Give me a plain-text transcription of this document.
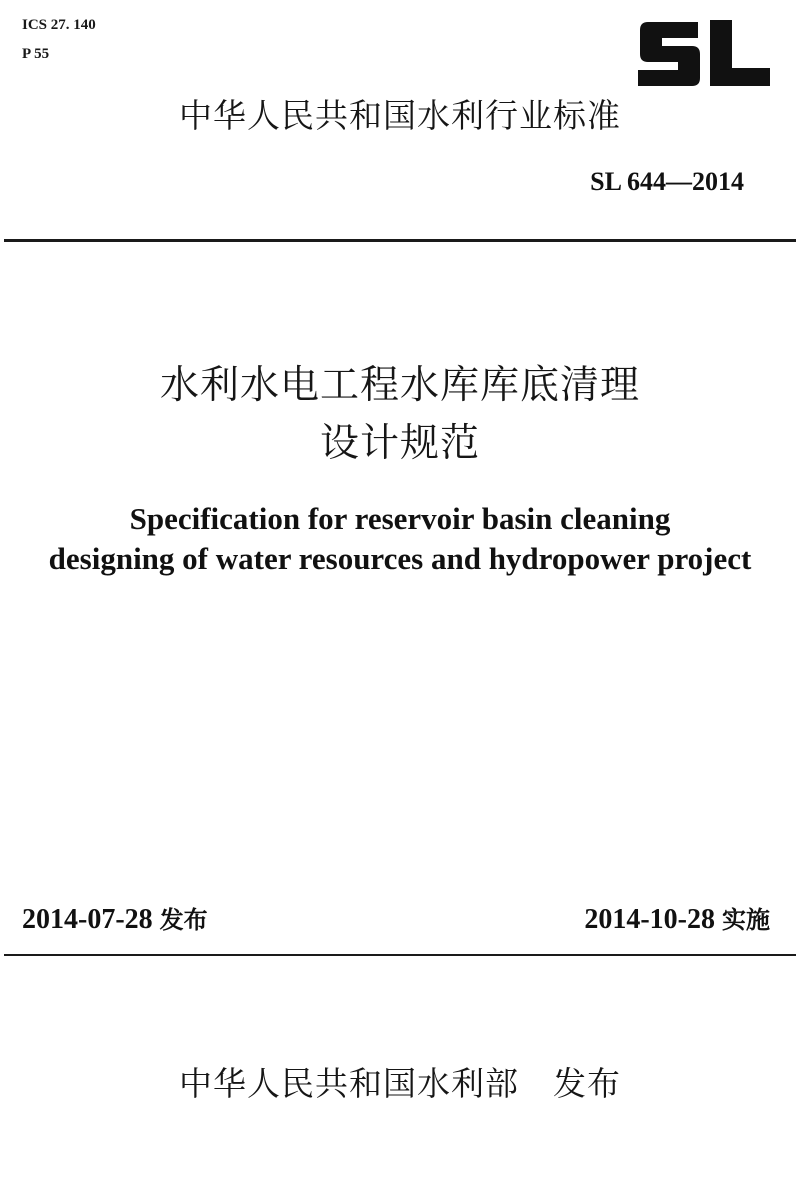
ICS 27. 140
P 55
中华人民共和国水利行业标准
SL 644—2014
水利水电工程水库库底清理
设计规范
Specification for reservoir basin cleaning
designing of water resources and hydropower project
2014-07-28 发布	2014-10-28 实施
中华人民共和国水利部 发布
